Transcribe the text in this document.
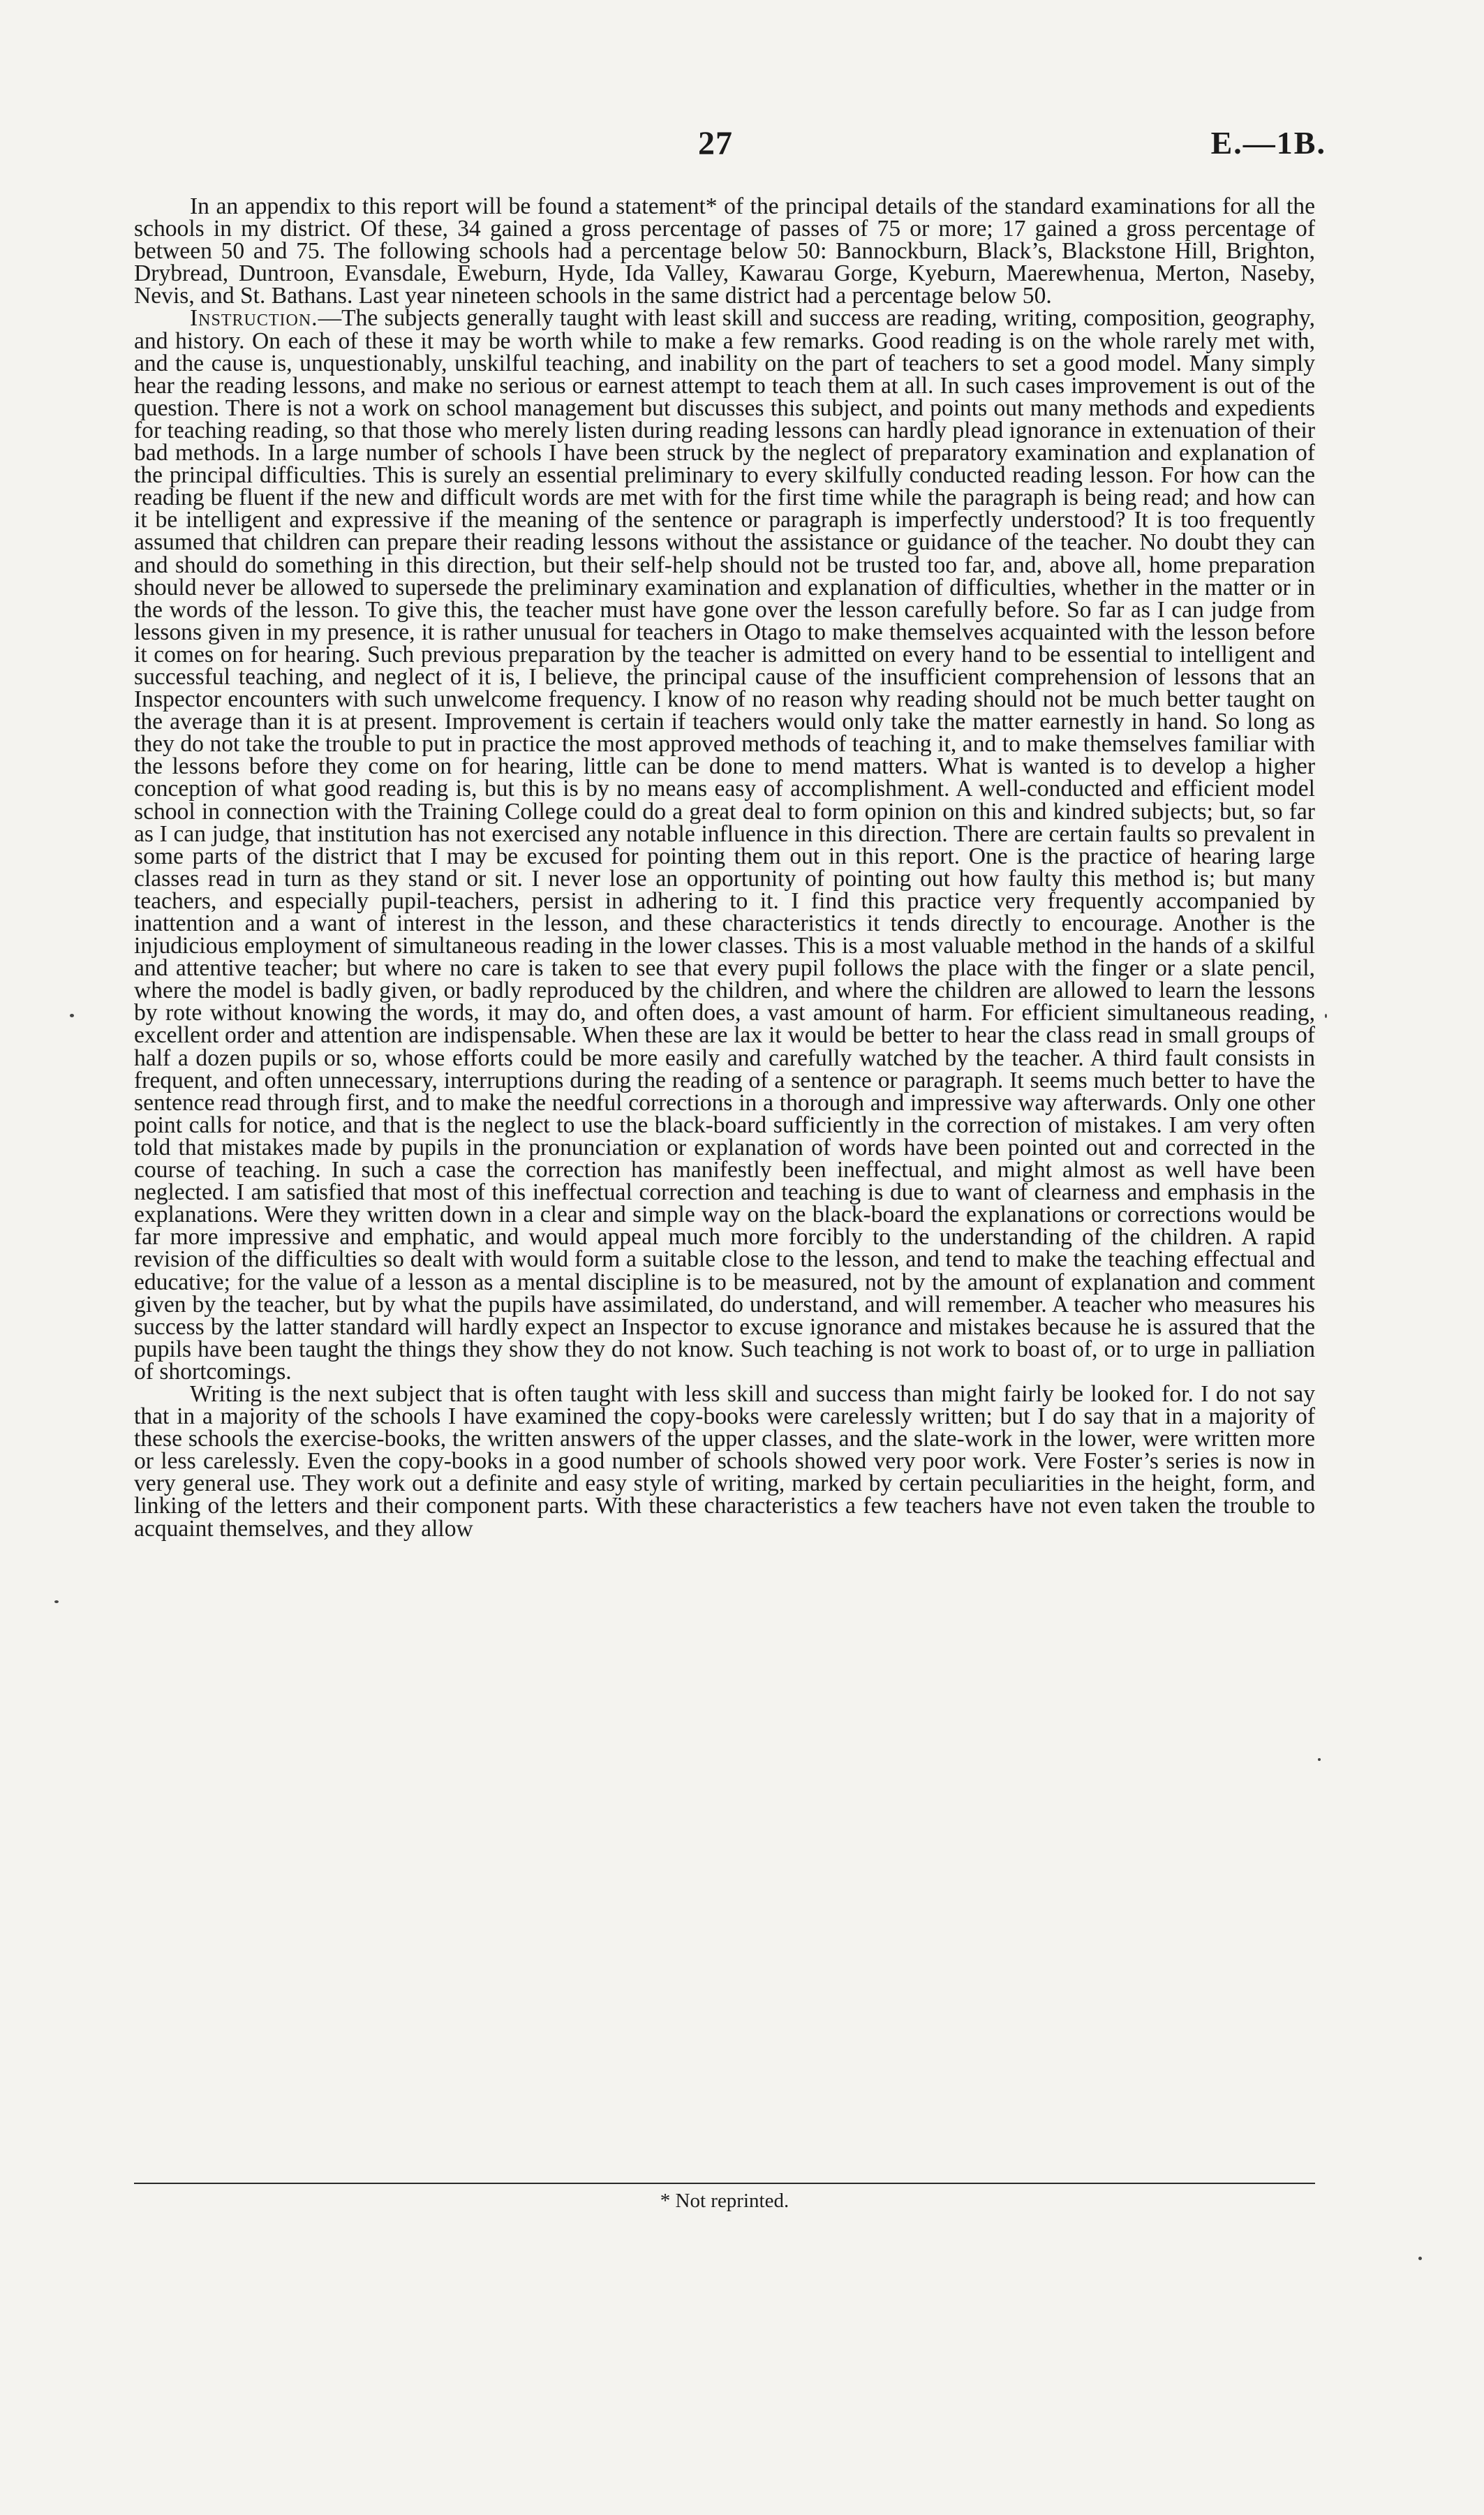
27	E.—1B.

In an appendix to this report will be found a statement* of the principal details of the standard examinations for all the schools in my district. Of these, 34 gained a gross percentage of passes of 75 or more; 17 gained a gross percentage of between 50 and 75. The following schools had a percentage below 50: Bannockburn, Black’s, Blackstone Hill, Brighton, Drybread, Duntroon, Evansdale, Eweburn, Hyde, Ida Valley, Kawarau Gorge, Kyeburn, Maerewhenua, Merton, Naseby, Nevis, and St. Bathans. Last year nineteen schools in the same district had a percentage below 50.

Instruction.—The subjects generally taught with least skill and success are reading, writing, composition, geography, and history. On each of these it may be worth while to make a few remarks. Good reading is on the whole rarely met with, and the cause is, unquestionably, unskilful teaching, and inability on the part of teachers to set a good model. Many simply hear the reading lessons, and make no serious or earnest attempt to teach them at all. In such cases improvement is out of the question. There is not a work on school management but discusses this subject, and points out many methods and expedients for teaching reading, so that those who merely listen during reading lessons can hardly plead ignorance in extenuation of their bad methods. In a large number of schools I have been struck by the neglect of preparatory examination and explanation of the principal difficulties. This is surely an essential preliminary to every skilfully conducted reading lesson. For how can the reading be fluent if the new and difficult words are met with for the first time while the paragraph is being read; and how can it be intelligent and expressive if the meaning of the sentence or paragraph is imperfectly understood? It is too frequently assumed that children can prepare their reading lessons without the assistance or guidance of the teacher. No doubt they can and should do something in this direction, but their self-help should not be trusted too far, and, above all, home preparation should never be allowed to supersede the preliminary examination and explanation of difficulties, whether in the matter or in the words of the lesson. To give this, the teacher must have gone over the lesson carefully before. So far as I can judge from lessons given in my presence, it is rather unusual for teachers in Otago to make themselves acquainted with the lesson before it comes on for hearing. Such previous preparation by the teacher is admitted on every hand to be essential to intelligent and successful teaching, and neglect of it is, I believe, the principal cause of the insufficient comprehension of lessons that an Inspector encounters with such unwelcome frequency. I know of no reason why reading should not be much better taught on the average than it is at present. Improvement is certain if teachers would only take the matter earnestly in hand. So long as they do not take the trouble to put in practice the most approved methods of teaching it, and to make themselves familiar with the lessons before they come on for hearing, little can be done to mend matters. What is wanted is to develop a higher conception of what good reading is, but this is by no means easy of accomplishment. A well-conducted and efficient model school in connection with the Training College could do a great deal to form opinion on this and kindred subjects; but, so far as I can judge, that institution has not exercised any notable influence in this direction. There are certain faults so prevalent in some parts of the district that I may be excused for pointing them out in this report. One is the practice of hearing large classes read in turn as they stand or sit. I never lose an opportunity of pointing out how faulty this method is; but many teachers, and especially pupil-teachers, persist in adhering to it. I find this practice very frequently accompanied by inattention and a want of interest in the lesson, and these characteristics it tends directly to encourage. Another is the injudicious employment of simultaneous reading in the lower classes. This is a most valuable method in the hands of a skilful and attentive teacher; but where no care is taken to see that every pupil follows the place with the finger or a slate pencil, where the model is badly given, or badly reproduced by the children, and where the children are allowed to learn the lessons by rote without knowing the words, it may do, and often does, a vast amount of harm. For efficient simultaneous reading, excellent order and attention are indispensable. When these are lax it would be better to hear the class read in small groups of half a dozen pupils or so, whose efforts could be more easily and carefully watched by the teacher. A third fault consists in frequent, and often unnecessary, interruptions during the reading of a sentence or paragraph. It seems much better to have the sentence read through first, and to make the needful corrections in a thorough and impressive way afterwards. Only one other point calls for notice, and that is the neglect to use the black-board sufficiently in the correction of mistakes. I am very often told that mistakes made by pupils in the pronunciation or explanation of words have been pointed out and corrected in the course of teaching. In such a case the correction has manifestly been ineffectual, and might almost as well have been neglected. I am satisfied that most of this ineffectual correction and teaching is due to want of clearness and emphasis in the explanations. Were they written down in a clear and simple way on the black-board the explanations or corrections would be far more impressive and emphatic, and would appeal much more forcibly to the understanding of the children. A rapid revision of the difficulties so dealt with would form a suitable close to the lesson, and tend to make the teaching effectual and educative; for the value of a lesson as a mental discipline is to be measured, not by the amount of explanation and comment given by the teacher, but by what the pupils have assimilated, do understand, and will remember. A teacher who measures his success by the latter standard will hardly expect an Inspector to excuse ignorance and mistakes because he is assured that the pupils have been taught the things they show they do not know. Such teaching is not work to boast of, or to urge in palliation of shortcomings.

Writing is the next subject that is often taught with less skill and success than might fairly be looked for. I do not say that in a majority of the schools I have examined the copy-books were carelessly written; but I do say that in a majority of these schools the exercise-books, the written answers of the upper classes, and the slate-work in the lower, were written more or less carelessly. Even the copy-books in a good number of schools showed very poor work. Vere Foster’s series is now in very general use. They work out a definite and easy style of writing, marked by certain peculiarities in the height, form, and linking of the letters and their component parts. With these characteristics a few teachers have not even taken the trouble to acquaint themselves, and they allow

* Not reprinted.
